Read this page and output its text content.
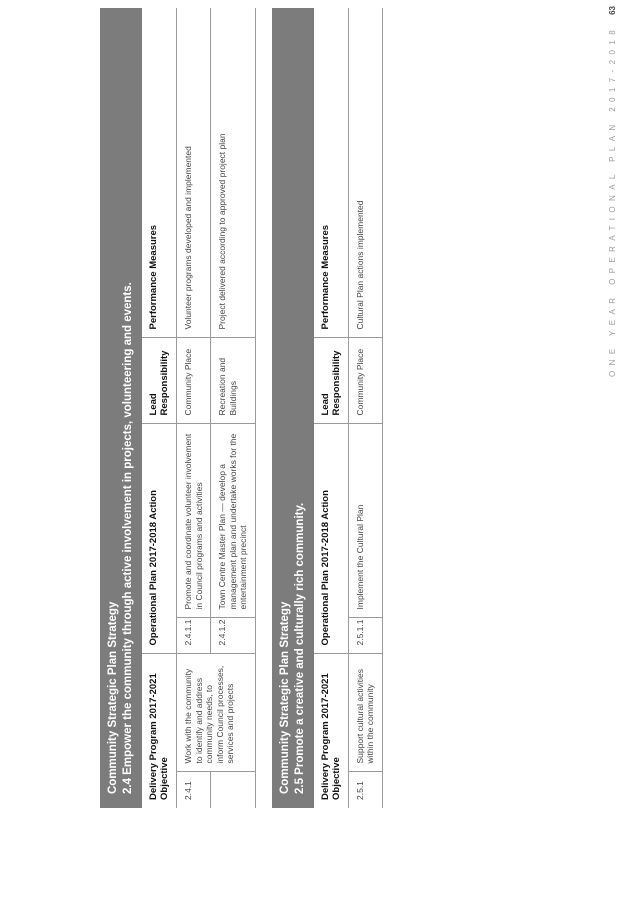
Community Strategic Plan Strategy 2.4 Empower the community through active involvement in projects, volunteering and events. Delivery Program 2017-2021 Objective		Operational Plan 2017-2018 Action		Lead Responsibility	Performance Measures
2.4.1	Work with the community to identify and address community needs, to inform Council processes, services and projects	2.4.1.1	Promote and coordinate volunteer involvement in Council programs and activities	Community Place	Volunteer programs developed and implemented
		2.4.1.2	Town Centre Master Plan — develop a management plan and undertake works for the entertainment precinct	Recreation and Buildings	Project delivered according to approved project plan
Community Strategic Plan Strategy 2.5 Promote a creative and culturally rich community. Delivery Program 2017-2021 Objective		Operational Plan 2017-2018 Action		Lead Responsibility	Performance Measures
2.5.1	Support cultural activities within the community	2.5.1.1	Implement the Cultural Plan	Community Place	Cultural Plan actions implemented	ONE YEAR OPERATIONAL PLAN 2017-201863
